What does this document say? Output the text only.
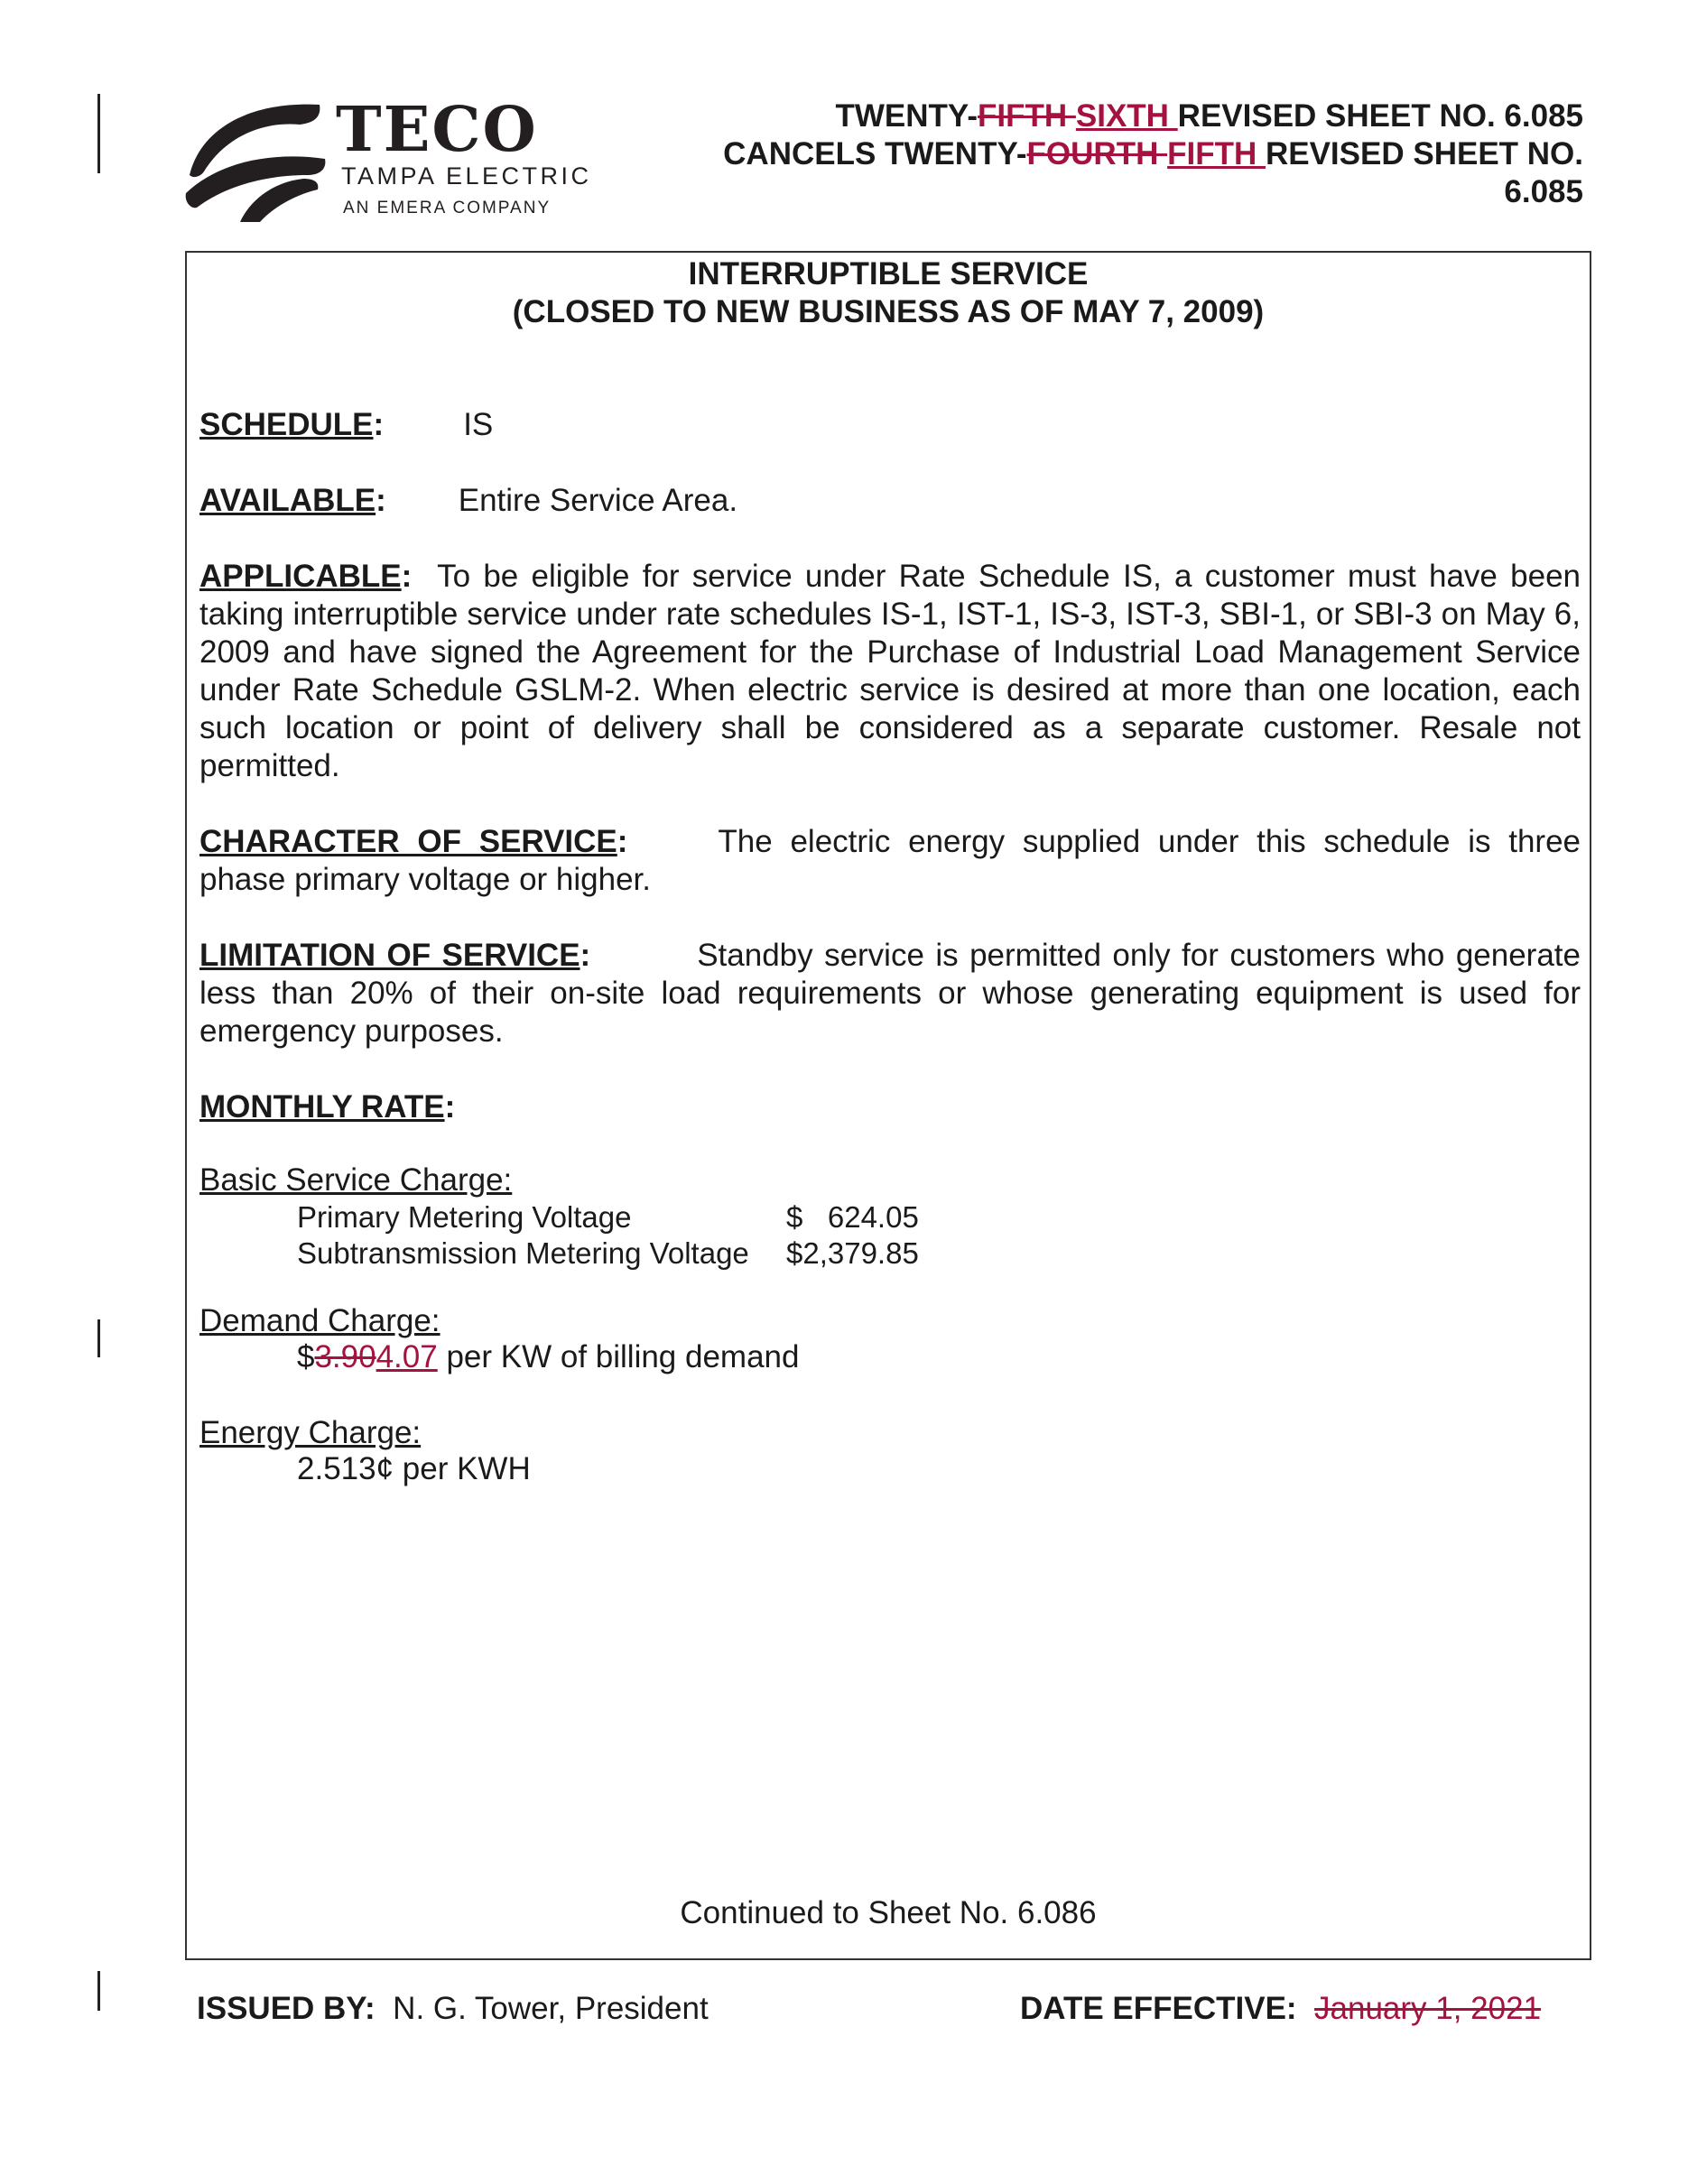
TECO
TAMPA ELECTRIC
AN EMERA COMPANY
TWENTY-FIFTH SIXTH REVISED SHEET NO. 6.085
CANCELS TWENTY-FOURTH FIFTH REVISED SHEET NO.
6.085
INTERRUPTIBLE SERVICE
(CLOSED TO NEW BUSINESS AS OF MAY 7, 2009)
SCHEDULE:	IS
AVAILABLE: Entire Service Area.
APPLICABLE: To be eligible for service under Rate Schedule IS, a customer must have been taking interruptible service under rate schedules IS-1, IST-1, IS-3, IST-3, SBI-1, or SBI-3 on May 6, 2009 and have signed the Agreement for the Purchase of Industrial Load Management Service under Rate Schedule GSLM-2. When electric service is desired at more than one location, each such location or point of delivery shall be considered as a separate customer. Resale not permitted.
CHARACTER OF SERVICE:	The electric energy supplied under this schedule is three phase primary voltage or higher.
LIMITATION OF SERVICE:	Standby service is permitted only for customers who generate less than 20% of their on-site load requirements or whose generating equipment is used for emergency purposes.
MONTHLY RATE:
Basic Service Charge:
Primary Metering Voltage	$   624.05
Subtransmission Metering Voltage $2,379.85
Demand Charge:
$3.904.07 per KW of billing demand
Energy Charge:
2.513¢ per KWH
Continued to Sheet No. 6.086
ISSUED BY: N. G. Tower, President	DATE EFFECTIVE: January 1, 2021
